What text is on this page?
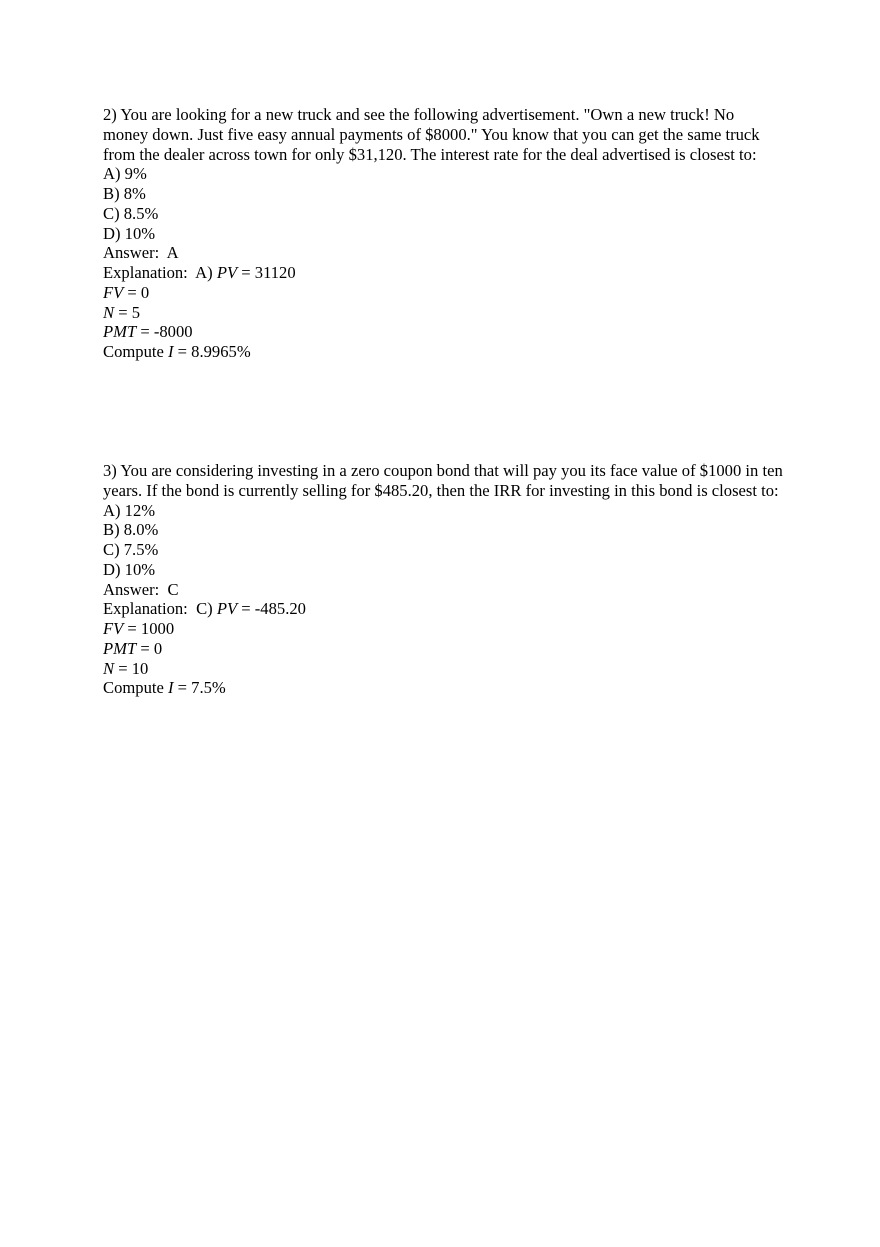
2) You are looking for a new truck and see the following advertisement. "Own a new truck! No money down. Just five easy annual payments of $8000." You know that you can get the same truck from the dealer across town for only $31,120. The interest rate for the deal advertised is closest to:

A) 9%
B) 8%
C) 8.5%
D) 10%
Answer:  A
Explanation:  A) PV = 31120
FV = 0
N = 5
PMT = -8000
Compute I = 8.9965%

3) You are considering investing in a zero coupon bond that will pay you its face value of $1000 in ten years. If the bond is currently selling for $485.20, then the IRR for investing in this bond is closest to:

A) 12%
B) 8.0%
C) 7.5%
D) 10%
Answer:  C
Explanation:  C) PV = -485.20
FV = 1000
PMT = 0
N = 10
Compute I = 7.5%
